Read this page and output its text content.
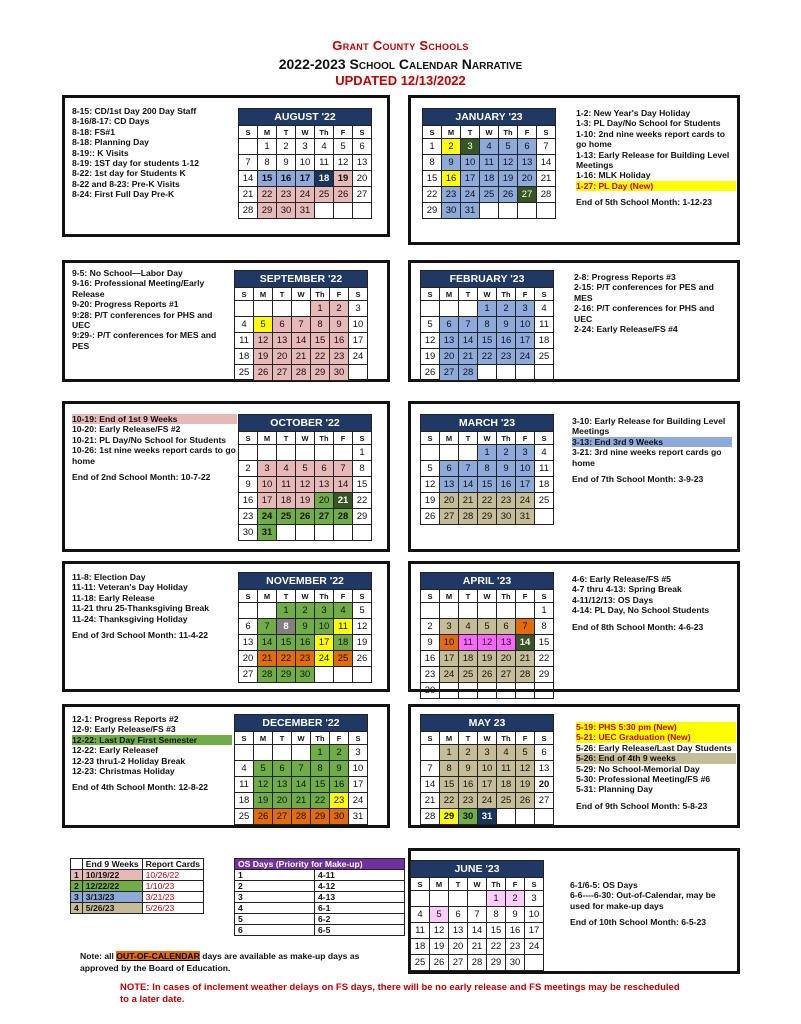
Grant County Schools
2022-2023 School Calendar Narrative
UPDATED 12/13/2022
8-15: CD/1st Day 200 Day Staff
8-16/8-17: CD Days
8-18: FS#1
8-18: Planning Day
8-19:: K Visits
8-19: 1ST day for students 1-12
8-22: 1st day for Students K
8-22 and 8-23: Pre-K Visits
8-24: First Full Day Pre-K
AUGUST '22						
S	M	T	W	Th	F	S
	1	2	3	4	5	6
7	8	9	10	11	12	13
14	15	16	17	18	19	20
21	22	23	24	25	26	27
28	29	30	31			
1-2: New Year's Day Holiday
1-3: PL Day/No School for Students
1-10: 2nd nine weeks report cards to go home
1-13: Early Release for Building Level Meetings
1-16: MLK Holiday
1-27: PL Day (New)
End of 5th School Month: 1-12-23
JANUARY '23						
S	M	T	W	Th	F	S
1	2	3	4	5	6	7
8	9	10	11	12	13	14
15	16	17	18	19	20	21
22	23	24	25	26	27	28
29	30	31				
9-5: No School—Labor Day
9-16: Professional Meeting/Early Release
9-20: Progress Reports #1
9:28: P/T conferences for PHS and UEC
9:29-: P/T conferences for MES and PES
SEPTEMBER '22						
S	M	T	W	Th	F	S
				1	2	3
4	5	6	7	8	9	10
11	12	13	14	15	16	17
18	19	20	21	22	23	24
25	26	27	28	29	30	
2-8: Progress Reports #3
2-15: P/T conferences for PES and MES
2-16: P/T conferences for PHS and UEC
2-24: Early Release/FS #4
FEBRUARY '23						
S	M	T	W	Th	F	S
			1	2	3	4
5	6	7	8	9	10	11
12	13	14	15	16	17	18
19	20	21	22	23	24	25
26	27	28				
10-19: End of 1st 9 Weeks
10-20: Early Release/FS #2
10-21: PL Day/No School for Students
10-26: 1st nine weeks report cards to go home
End of 2nd School Month: 10-7-22
OCTOBER '22						
S	M	T	W	Th	F	S
						1
2	3	4	5	6	7	8
9	10	11	12	13	14	15
16	17	18	19	20	21	22
23	24	25	26	27	28	29
30	31					
3-10: Early Release for Building Level Meetings
3-13: End 3rd 9 Weeks
3-21: 3rd nine weeks report cards go home
End of 7th School Month: 3-9-23
MARCH '23						
S	M	T	W	Th	F	S
			1	2	3	4
5	6	7	8	9	10	11
12	13	14	15	16	17	18
19	20	21	22	23	24	25
26	27	28	29	30	31	
11-8: Election Day
11-11: Veteran's Day Holiday
11-18: Early Release
11-21 thru 25-Thanksgiving Break
11-24: Thanksgiving Holiday
End of 3rd School Month: 11-4-22
NOVEMBER '22						
S	M	T	W	Th	F	S
		1	2	3	4	5
6	7	8	9	10	11	12
13	14	15	16	17	18	19
20	21	22	23	24	25	26
27	28	29	30			
4-6: Early Release/FS #5
4-7 thru 4-13: Spring Break
4-11/12/13: OS Days
4-14: PL Day, No School Students
End of 8th School Month: 4-6-23
APRIL '23						
S	M	T	W	Th	F	S
						1
2	3	4	5	6	7	8
9	10	11	12	13	14	15
16	17	18	19	20	21	22
23	24	25	26	27	28	29
30						
12-1: Progress Reports #2
12-9: Early Release/FS #3
12-22: Last Day First Semester
12-22: Early Releasef
12-23 thru1-2 Holiday Break
12-23: Christmas Holiday
End of 4th School Month: 12-8-22
DECEMBER '22						
S	M	T	W	Th	F	S
				1	2	3
4	5	6	7	8	9	10
11	12	13	14	15	16	17
18	19	20	21	22	23	24
25	26	27	28	29	30	31
5-19: PHS 5:30 pm (New)
5-21: UEC Graduation (New)
5-26: Early Release/Last Day Students
5-26: End of 4th 9 weeks
5-29: No School-Memorial Day
5-30: Professional Meeting/FS #6
5-31: Planning Day
End of 9th School Month: 5-8-23
MAY 23						
S	M	T	W	Th	F	S
	1	2	3	4	5	6
7	8	9	10	11	12	13
14	15	16	17	18	19	20
21	22	23	24	25	26	27
28	29	30	31			
6-1/6-5: OS Days
6-6----6-30: Out-of-Calendar, may be used for make-up days
End of 10th School Month: 6-5-23
JUNE '23						
S	M	T	W	Th	F	S
				1	2	3
4	5	6	7	8	9	10
11	12	13	14	15	16	17
18	19	20	21	22	23	24
25	26	27	28	29	30	
	End 9 Weeks	Report Cards
1	10/19/22	10/26/22
2	12/22/22	1/10/23
3	3/13/23	3/21/23
4	5/26/23	5/26/23
OS Days (Priority for Make-up)	
1	4-11
2	4-12
3	4-13
4	6-1
5	6-2
6	6-5
Note: all OUT-OF-CALENDAR days are available as make-up days as approved by the Board of Education.
NOTE: In cases of inclement weather delays on FS days, there will be no early release and FS meetings may be rescheduled to a later date.
